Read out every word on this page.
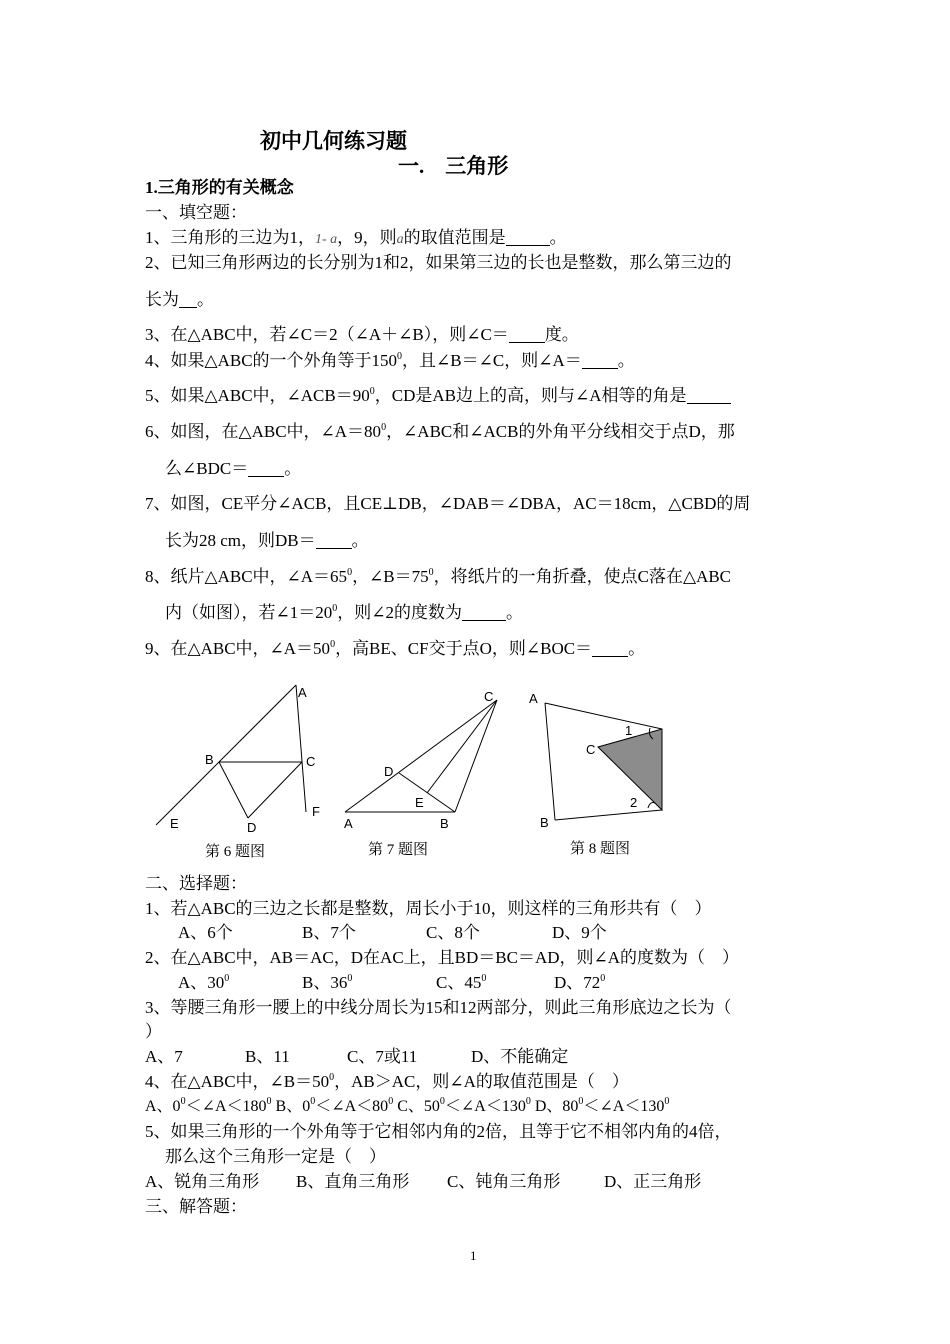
初中几何练习题
一.　三角形
1.三角形的有关概念
一、填空题：
1、三角形的三边为1，1- a，9，则a的取值范围是	。
2、已知三角形两边的长分别为1和2，如果第三边的长也是整数，那么第三边的
长为 。
3、在△ABC中，若∠C＝2（∠A＋∠B），则∠C＝ 度。
4、如果△ABC的一个外角等于$150^0$，且∠B＝∠C，则∠A＝ 。
5、如果△ABC中，$\angle ACB=90^0$，CD是AB边上的高，则与∠A相等的角是
6、如图，在△ABC中，$\angle A=80^0$，∠ABC和∠ACB的外角平分线相交于点D，那
么∠BDC＝ 。
7、如图，CE平分∠ACB，且CE⊥DB，∠DAB＝∠DBA，AC＝18cm，△CBD的周
长为28 cm，则DB＝ 。
8、纸片△ABC中，$\angle A=65^0$，$\angle B=75^0$，将纸片的一角折叠，使点C落在△ABC
内（如图），若$\angle 1=20^0$，则∠2的度数为	。
9、在△ABC中，$\angle A=50^0$，高BE、CF交于点O，则∠BOC＝ 。
A
B	C
D
E
F
A	B
C
D
E
A
B
C
1
2
第 6 题图	第 7 题图	第 8 题图
二、选择题：
1、若△ABC的三边之长都是整数，周长小于10，则这样的三角形共有（　）
A、6个	B、7个	C、8个	D、9个
2、在△ABC中，AB＝AC，D在AC上，且BD＝BC＝AD，则∠A的度数为（　）
A、$30^0$	B、$36^0$	C、$45^0$	D、$72^0$
3、等腰三角形一腰上的中线分周长为15和12两部分，则此三角形底边之长为（
）
A、7	B、11	C、7或11	D、不能确定
4、在△ABC中，$\angle B=50^0$，AB＞AC，则∠A的取值范围是（　）
A、$0^0<\angle A<180^0$ B、$0^0<\angle A<80^0$ C、$50^0<\angle A<130^0$ D、$80^0<\angle A<130^0$
5、如果三角形的一个外角等于它相邻内角的2倍，且等于它不相邻内角的4倍，
那么这个三角形一定是（　）
A、锐角三角形 B、直角三角形 C、钝角三角形	D、正三角形
三、解答题：
1
